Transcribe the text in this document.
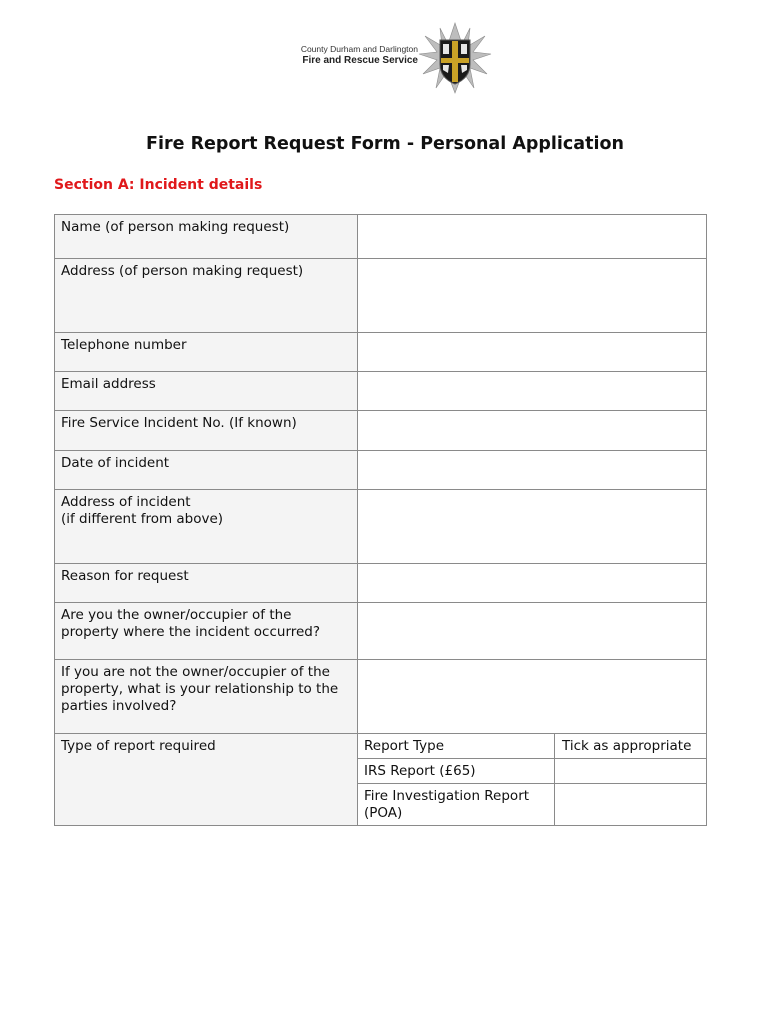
County Durham and Darlington
Fire and Rescue Service
Fire Report Request Form - Personal Application
Section A: Incident details
Name (of person making request)		
Address (of person making request)		
Telephone number		
Email address		
Fire Service Incident No. (If known)		
Date of incident		
Address of incident
(if different from above)		
Reason for request		
Are you the owner/occupier of the property where the incident occurred?		
If you are not the owner/occupier of the property, what is your relationship to the parties involved?		
Type of report required	Report Type	Tick as appropriate
	IRS Report (£65)	
	Fire Investigation Report (POA)	
